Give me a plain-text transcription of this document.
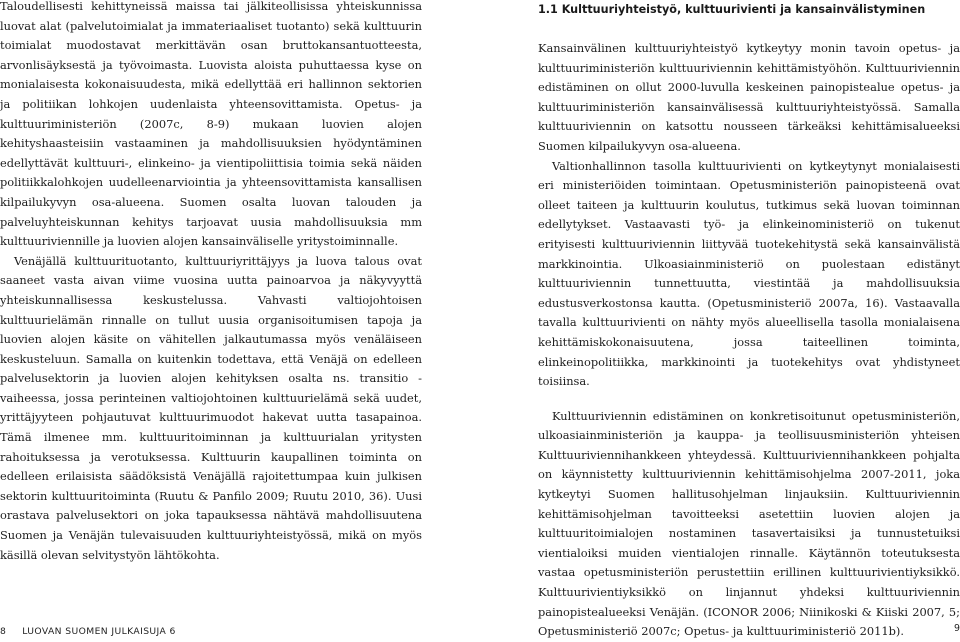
Taloudellisesti kehittyneissä maissa tai jälkiteollisissa yhteiskunnissa luovat alat (palvelutoimialat ja immateriaaliset tuotanto) sekä kulttuurin toimialat muodostavat merkittävän osan bruttokansantuotteesta, arvonlisäyksestä ja työvoimasta. Luovista aloista puhuttaessa kyse on monialaisesta kokonaisuudesta, mikä edellyttää eri hallinnon sektorien ja politiikan lohkojen uudenlaista yhteensovittamista. Opetus- ja kulttuuriministeriön (2007c, 8-9) mukaan luovien alojen kehityshaasteisiin vastaaminen ja mahdollisuuksien hyödyntäminen edellyttävät kulttuuri-, elinkeino- ja vientipoliittisia toimia sekä näiden politiikkalohkojen uudelleenarviointia ja yhteensovittamista kansallisen kilpailukyvyn osa-alueena. Suomen osalta luovan talouden ja palveluyhteiskunnan kehitys tarjoavat uusia mahdollisuuksia mm kulttuuriviennille ja luovien alojen kansainväliselle yritystoiminnalle.

Venäjällä kulttuurituotanto, kulttuuriyrittäjyys ja luova talous ovat saaneet vasta aivan viime vuosina uutta painoarvoa ja näkyvyyttä yhteiskunnallisessa keskustelussa. Vahvasti valtiojohtoisen kulttuurielämän rinnalle on tullut uusia organisoitumisen tapoja ja luovien alojen käsite on vähitellen jalkautumassa myös venäläiseen keskusteluun. Samalla on kuitenkin todettava, että Venäjä on edelleen palvelusektorin ja luovien alojen kehityksen osalta ns. transitio -vaiheessa, jossa perinteinen valtiojohtoinen kulttuurielämä sekä uudet, yrittäjyyteen pohjautuvat kulttuurimuodot hakevat uutta tasapainoa. Tämä ilmenee mm. kulttuuritoiminnan ja kulttuurialan yritysten rahoituksessa ja verotuksessa. Kulttuurin kaupallinen toiminta on edelleen erilaisista säädöksistä Venäjällä rajoitettumpaa kuin julkisen sektorin kulttuuritoiminta (Ruutu & Panfilo 2009; Ruutu 2010, 36). Uusi orastava palvelusektori on joka tapauksessa nähtävä mahdollisuutena Suomen ja Venäjän tulevaisuuden kulttuuriyhteistyössä, mikä on myös käsillä olevan selvitystyön lähtökohta.

1.1 Kulttuuriyhteistyö, kulttuurivienti ja kansainvälistyminen

Kansainvälinen kulttuuriyhteistyö kytkeytyy monin tavoin opetus- ja kulttuuriministeriön kulttuuriviennin kehittämistyöhön. Kulttuuriviennin edistäminen on ollut 2000-luvulla keskeinen painopistealue opetus- ja kulttuuriministeriön kansainvälisessä kulttuuriyhteistyössä. Samalla kulttuuriviennin on katsottu nousseen tärkeäksi kehittämisalueeksi Suomen kilpailukyvyn osa-alueena.

Valtionhallinnon tasolla kulttuurivienti on kytkeytynyt monialaisesti eri ministeriöiden toimintaan. Opetusministeriön painopisteenä ovat olleet taiteen ja kulttuurin koulutus, tutkimus sekä luovan toiminnan edellytykset. Vastaavasti työ- ja elinkeinoministeriö on tukenut erityisesti kulttuuriviennin liittyvää tuotekehitystä sekä kansainvälistä markkinointia. Ulkoasiainministeriö on puolestaan edistänyt kulttuuriviennin tunnettuutta, viestintää ja mahdollisuuksia edustusverkostonsa kautta. (Opetusministeriö 2007a, 16). Vastaavalla tavalla kulttuurivienti on nähty myös alueellisella tasolla monialaisena kehittämiskokonaisuutena, jossa taiteellinen toiminta, elinkeinopolitiikka, markkinointi ja tuotekehitys ovat yhdistyneet toisiinsa.

Kulttuuriviennin edistäminen on konkretisoitunut opetusministeriön, ulkoasiainministeriön ja kauppa- ja teollisuusministeriön yhteisen Kulttuuriviennihankkeen yhteydessä. Kulttuuriviennihankkeen pohjalta on käynnistetty kulttuuriviennin kehittämisohjelma 2007-2011, joka kytkeytyi Suomen hallitusohjelman linjauksiin. Kulttuuriviennin kehittämisohjelman tavoitteeksi asetettiin luovien alojen ja kulttuuritoimialojen nostaminen tasavertaisiksi ja tunnustetuiksi vientialoiksi muiden vientialojen rinnalle. Käytännön toteutuksesta vastaa opetusministeriön perustettiin erillinen kulttuurivientiyksikkö. Kulttuurivientiyksikkö on linjannut yhdeksi kulttuuriviennin painopistealueeksi Venäjän. (ICONOR 2006; Niinikoski & Kiiski 2007, 5; Opetusministeriö 2007c; Opetus- ja kulttuuriministeriö 2011b).

8 LUOVAN SUOMEN JULKAISUJA 6	9
